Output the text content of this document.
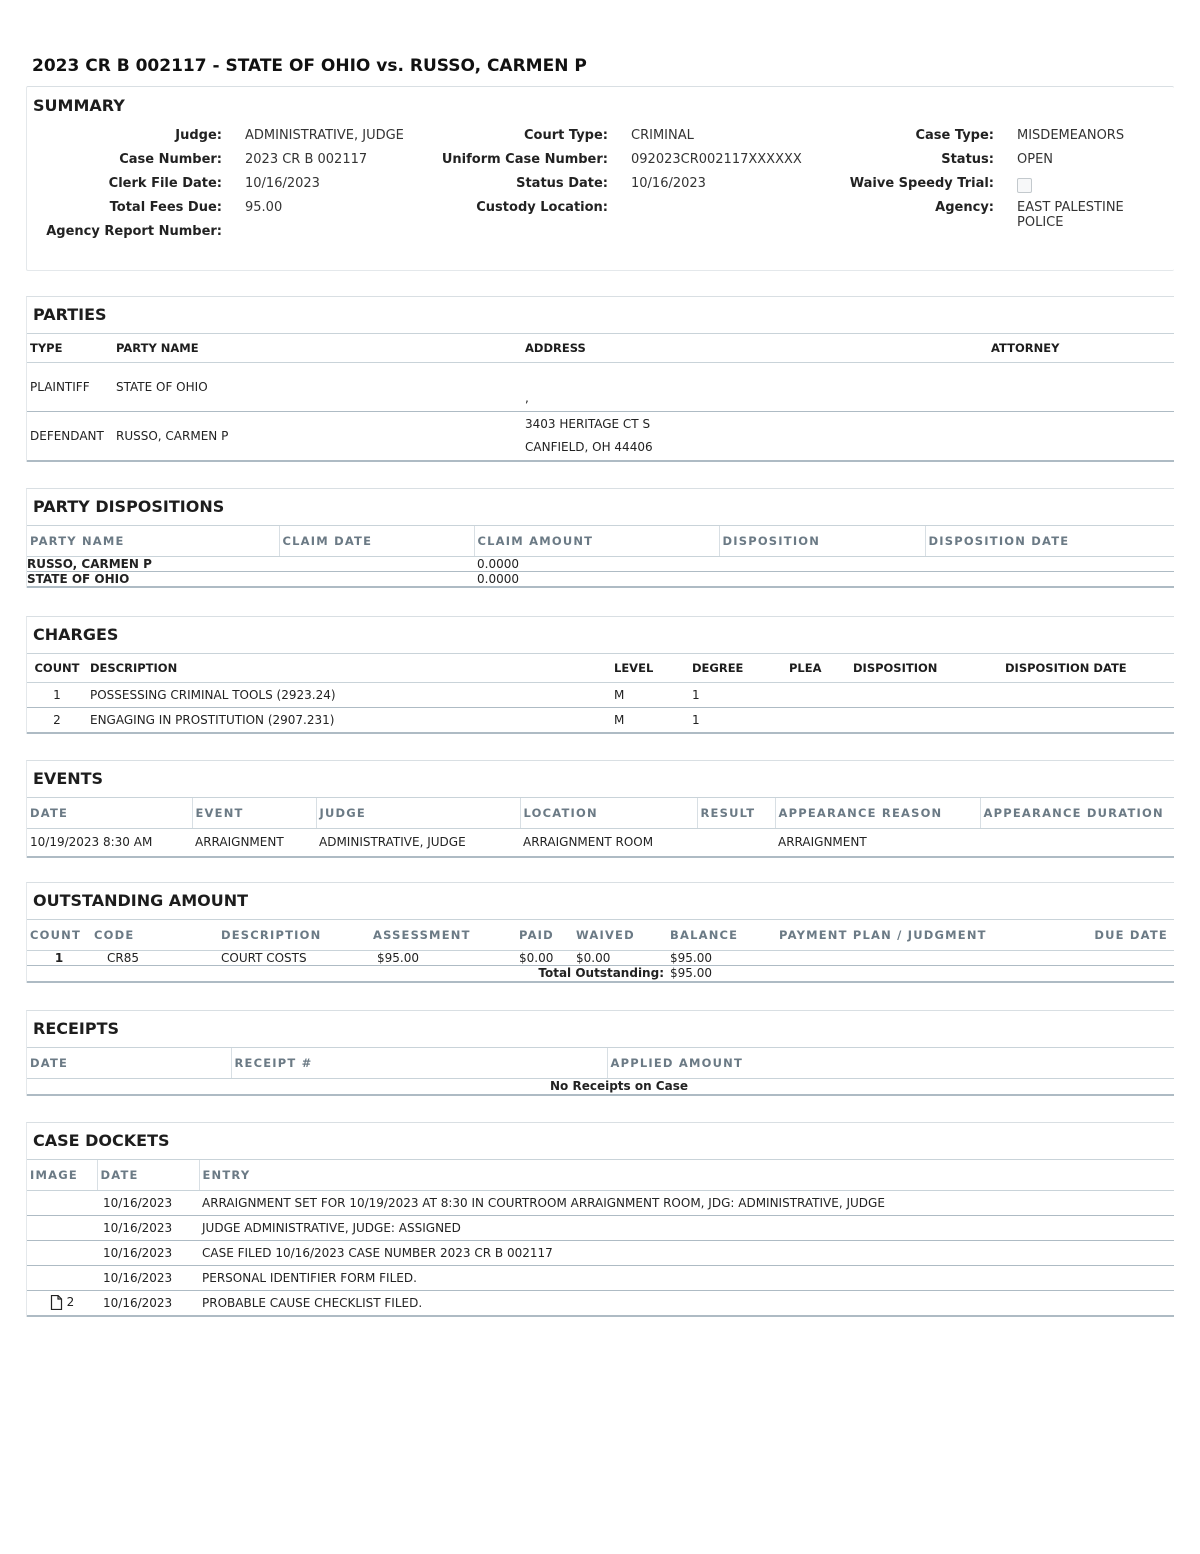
2023 CR B 002117 - STATE OF OHIO vs. RUSSO, CARMEN P
SUMMARY
Judge: ADMINISTRATIVE, JUDGE
Case Number: 2023 CR B 002117
Clerk File Date: 10/16/2023
Total Fees Due: 95.00
Agency Report Number:
Court Type: CRIMINAL
Uniform Case Number: 092023CR002117XXXXXX
Status Date: 10/16/2023
Custody Location:
Case Type: MISDEMEANORS
Status: OPEN
Waive Speedy Trial:
Agency: EAST PALESTINE POLICE
PARTIES
TYPE	PARTY NAME	ADDRESS	ATTORNEY
PLAINTIFF	STATE OF OHIO	,	

DEFENDANT	RUSSO, CARMEN P	3403 HERITAGE CT S
CANFIELD, OH 44406	

PARTY DISPOSITIONS
PARTY NAME	CLAIM DATE	CLAIM AMOUNT	DISPOSITION	DISPOSITION DATE
RUSSO, CARMEN P		0.0000		
STATE OF OHIO		0.0000		
CHARGES
COUNT	DESCRIPTION	LEVEL	DEGREE	PLEA	DISPOSITION	DISPOSITION DATE
1	POSSESSING CRIMINAL TOOLS (2923.24)	M	1			
2	ENGAGING IN PROSTITUTION (2907.231)	M	1			
EVENTS
DATE	EVENT	JUDGE	LOCATION	RESULT	APPEARANCE REASON	APPEARANCE DURATION
10/19/2023 8:30 AM	ARRAIGNMENT	ADMINISTRATIVE, JUDGE	ARRAIGNMENT ROOM		ARRAIGNMENT	
OUTSTANDING AMOUNT
COUNT	CODE	DESCRIPTION	ASSESSMENT	PAID	WAIVED	BALANCE	PAYMENT PLAN / JUDGMENT	DUE DATE
1	CR85	COURT COSTS	$95.00	$0.00	$0.00	$95.00		
Total Outstanding:						$95.00		
RECEIPTS
DATE	RECEIPT #	APPLIED AMOUNT
No Receipts on Case
CASE DOCKETS
IMAGE	DATE	ENTRY
	10/16/2023	ARRAIGNMENT SET FOR 10/19/2023 AT 8:30 IN COURTROOM ARRAIGNMENT ROOM, JDG: ADMINISTRATIVE, JUDGE
	10/16/2023	JUDGE ADMINISTRATIVE, JUDGE: ASSIGNED
	10/16/2023	CASE FILED 10/16/2023 CASE NUMBER 2023 CR B 002117
	10/16/2023	PERSONAL IDENTIFIER FORM FILED.
2	10/16/2023	PROBABLE CAUSE CHECKLIST FILED.
